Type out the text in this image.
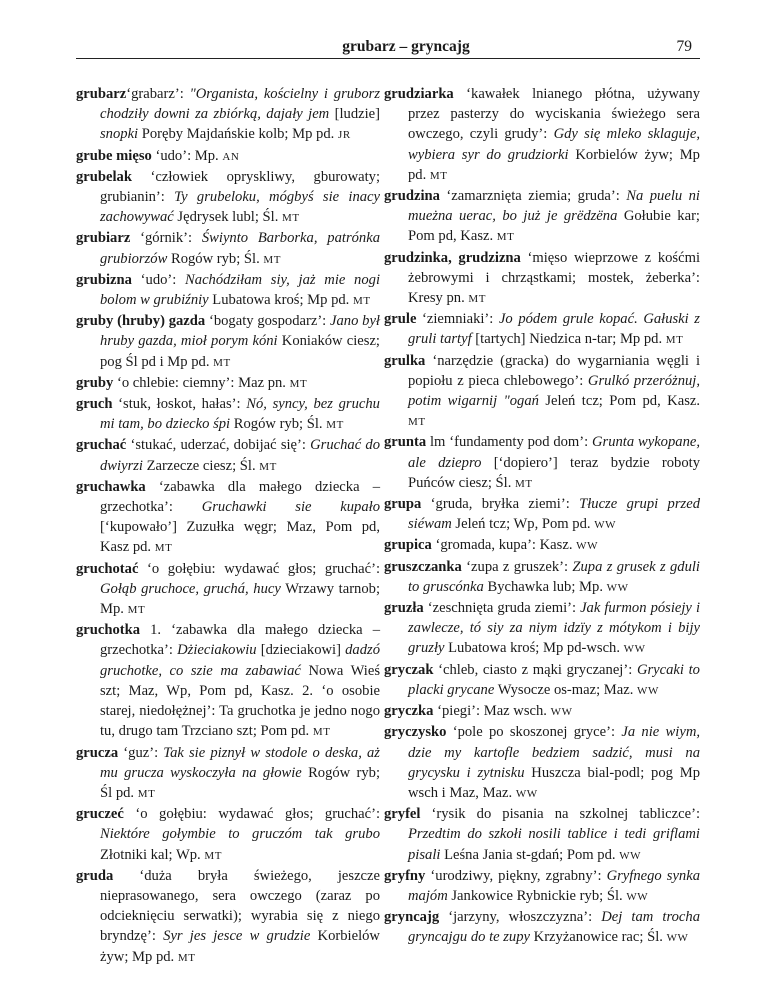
grubarz – gryncajg	79

grubarz‘grabarz’: "Organista, kościelny i gruborz chodziły downi za zbiórką, dajały jem [ludzie] snopki Poręby Majdańskie kolb; Mp pd. JR

grube mięso ‘udo’: Mp. AN

grubelak ‘człowiek opryskliwy, gburowaty; grubianin’: Ty grubeloku, mógbyś sie inacy zachowywać Jędrysek lubl; Śl. MT

grubiarz ‘górnik’: Świynto Barborka, patrónka grubiorzów Rogów ryb; Śl. MT

grubizna ‘udo’: Nachódziłam siy, jaż mie nogi bolom w grubiźniy Lubatowa kroś; Mp pd. MT

gruby (hruby) gazda ‘bogaty gospodarz’: Jano był hruby gazda, mioł porym kóni Koniaków ciesz; pog Śl pd i Mp pd. MT

gruby ‘o chlebie: ciemny’: Maz pn. MT

gruch ‘stuk, łoskot, hałas’: Nó, syncy, bez gruchu mi tam, bo dziecko śpi Rogów ryb; Śl. MT

gruchać ‘stukać, uderzać, dobijać się’: Gruchać do dwiyrzi Zarzecze ciesz; Śl. MT

gruchawka ‘zabawka dla małego dziecka – grzechotka’: Gruchawki sie kupało [‘kupowało’] Zuzułka węgr; Maz, Pom pd, Kasz pd. MT

gruchotać ‘o gołębiu: wydawać głos; gruchać’: Gołąb gruchoce, gruchá, hucy Wrzawy tarnob; Mp. MT

gruchotka 1. ‘zabawka dla małego dziecka – grzechotka’: Dżieciakowiu [dzieciakowi] dadzó gruchotke, co szie ma zabawiać Nowa Wieś szt; Maz, Wp, Pom pd, Kasz. 2. ‘o osobie starej, niedołężnej’: Ta gruchotka je jedno nogo tu, drugo tam Trzciano szt; Pom pd. MT

grucza ‘guz’: Tak sie piznył w stodole o deska, aż mu grucza wyskoczyła na głowie Rogów ryb; Śl pd. MT

gruczeć ‘o gołębiu: wydawać głos; gruchać’: Niektóre gołymbie to gruczóm tak grubo Złotniki kal; Wp. MT

gruda ‘duża bryła świeżego, jeszcze nieprasowanego, sera owczego (zaraz po odcieknięciu serwatki); wyrabia się z niego bryndzę’: Syr jes jesce w grudzie Korbielów żyw; Mp pd. MT

grudziarka ‘kawałek lnianego płótna, używany przez pasterzy do wyciskania świeżego sera owczego, czyli grudy’: Gdy się mleko sklaguje, wybiera syr do grudziorki Korbielów żyw; Mp pd. MT

grudzina ‘zamarznięta ziemia; gruda’: Na puelu ni mueżna uerac, bo już je grëdzëna Gołubie kar; Pom pd, Kasz. MT

grudzinka, grudzizna ‘mięso wieprzowe z kośćmi żebrowymi i chrząstkami; mostek, żeberka’: Kresy pn. MT

grule ‘ziemniaki’: Jo pódem grule kopać. Gałuski z gruli tartyf [tartych] Niedzica n-tar; Mp pd. MT

grulka ‘narzędzie (gracka) do wygarniania węgli i popiołu z pieca chlebowego’: Grulkó przeróżnuj, potim wigarnij "ogań Jeleń tcz; Pom pd, Kasz. MT

grunta lm ‘fundamenty pod dom’: Grunta wykopane, ale dziepro [‘dopiero’] teraz bydzie roboty Puńców ciesz; Śl. MT

grupa ‘gruda, bryłka ziemi’: Tłucze grupi przed siéwam Jeleń tcz; Wp, Pom pd. WW

grupica ‘gromada, kupa’: Kasz. WW

gruszczanka ‘zupa z gruszek’: Zupa z grusek z gduli to gruscónka Bychawka lub; Mp. WW

gruzła ‘zeschnięta gruda ziemi’: Jak furmon pósiejy i zawlecze, tó siy za niym idzïy z mótykom i bijy gruzły Lubatowa kroś; Mp pd-wsch. WW

gryczak ‘chleb, ciasto z mąki gryczanej’: Grycaki to placki grycane Wysocze os-maz; Maz. WW

gryczka ‘piegi’: Maz wsch. WW

gryczysko ‘pole po skoszonej gryce’: Ja nie wiym, dzie my kartofle bedziem sadzić, musi na grycysku i zytnisku Huszcza bial-podl; pog Mp wsch i Maz, Maz. WW

gryfel ‘rysik do pisania na szkolnej tabliczce’: Przedtim do szkołi nosili tablice i tedi griflami pisali Leśna Jania st-gdań; Pom pd. WW

gryfny ‘urodziwy, piękny, zgrabny’: Gryfnego synka majóm Jankowice Rybnickie ryb; Śl. WW

gryncajg ‘jarzyny, włoszczyzna’: Dej tam trocha gryncajgu do te zupy Krzyżanowice rac; Śl. WW
